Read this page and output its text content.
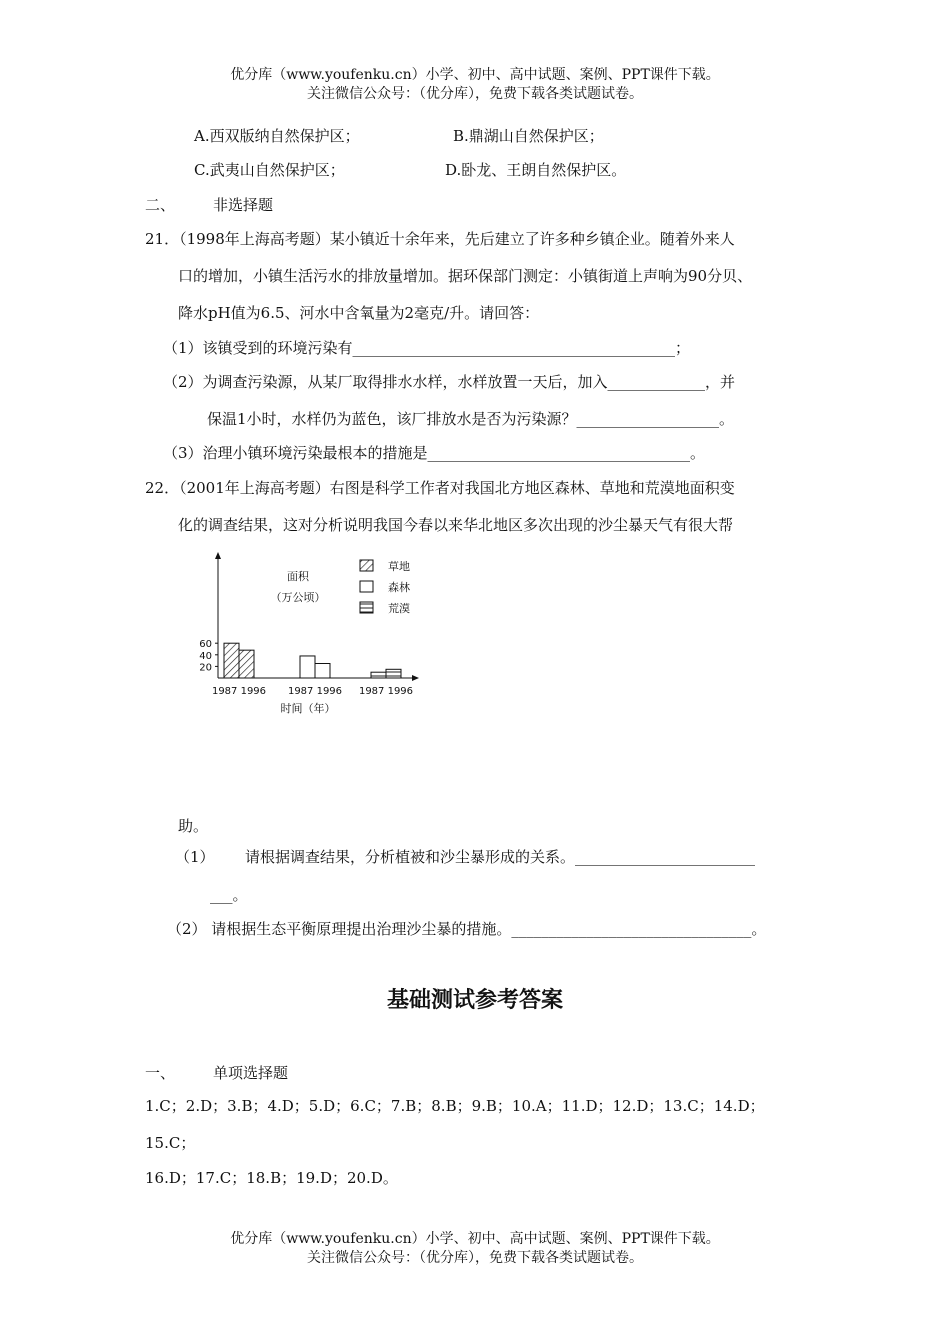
优分库（www.youfenku.cn）小学、初中、高中试题、案例、PPT课件下载。
关注微信公众号：（优分库），免费下载各类试题试卷。
A.西双版纳自然保护区；	B.鼎湖山自然保护区；
C.武夷山自然保护区；	D.卧龙、王朗自然保护区。
二、	非选择题
21．（1998年上海高考题）某小镇近十余年来，先后建立了许多种乡镇企业。随着外来人
口的增加，小镇生活污水的排放量增加。据环保部门测定：小镇街道上声响为90分贝、
降水pH值为6.5、河水中含氧量为2毫克/升。请回答：
（1）该镇受到的环境污染有___________________________________________；
（2）为调查污染源，从某厂取得排水水样，水样放置一天后，加入_____________，并
保温1小时，水样仍为蓝色，该厂排放水是否为污染源？___________________。
（3）治理小镇环境污染最根本的措施是___________________________________。
22．（2001年上海高考题）右图是科学工作者对我国北方地区森林、草地和荒漠地面积变
化的调查结果，这对分析说明我国今春以来华北地区多次出现的沙尘暴天气有很大帮
20
40
60
1987 1996 1987 1996 1987 1996
面积
（万公顷）
时间（年）
草地
森林
荒漠
助。
（1） 请根据调查结果，分析植被和沙尘暴形成的关系。________________________
___。
（2） 请根据生态平衡原理提出治理沙尘暴的措施。________________________________。
基础测试参考答案
一、	单项选择题
1.C；2.D；3.B；4.D；5.D；6.C；7.B；8.B；9.B；10.A；11.D；12.D；13.C；14.D；
15.C；
16.D；17.C；18.B；19.D；20.D。
优分库（www.youfenku.cn）小学、初中、高中试题、案例、PPT课件下载。
关注微信公众号：（优分库），免费下载各类试题试卷。
